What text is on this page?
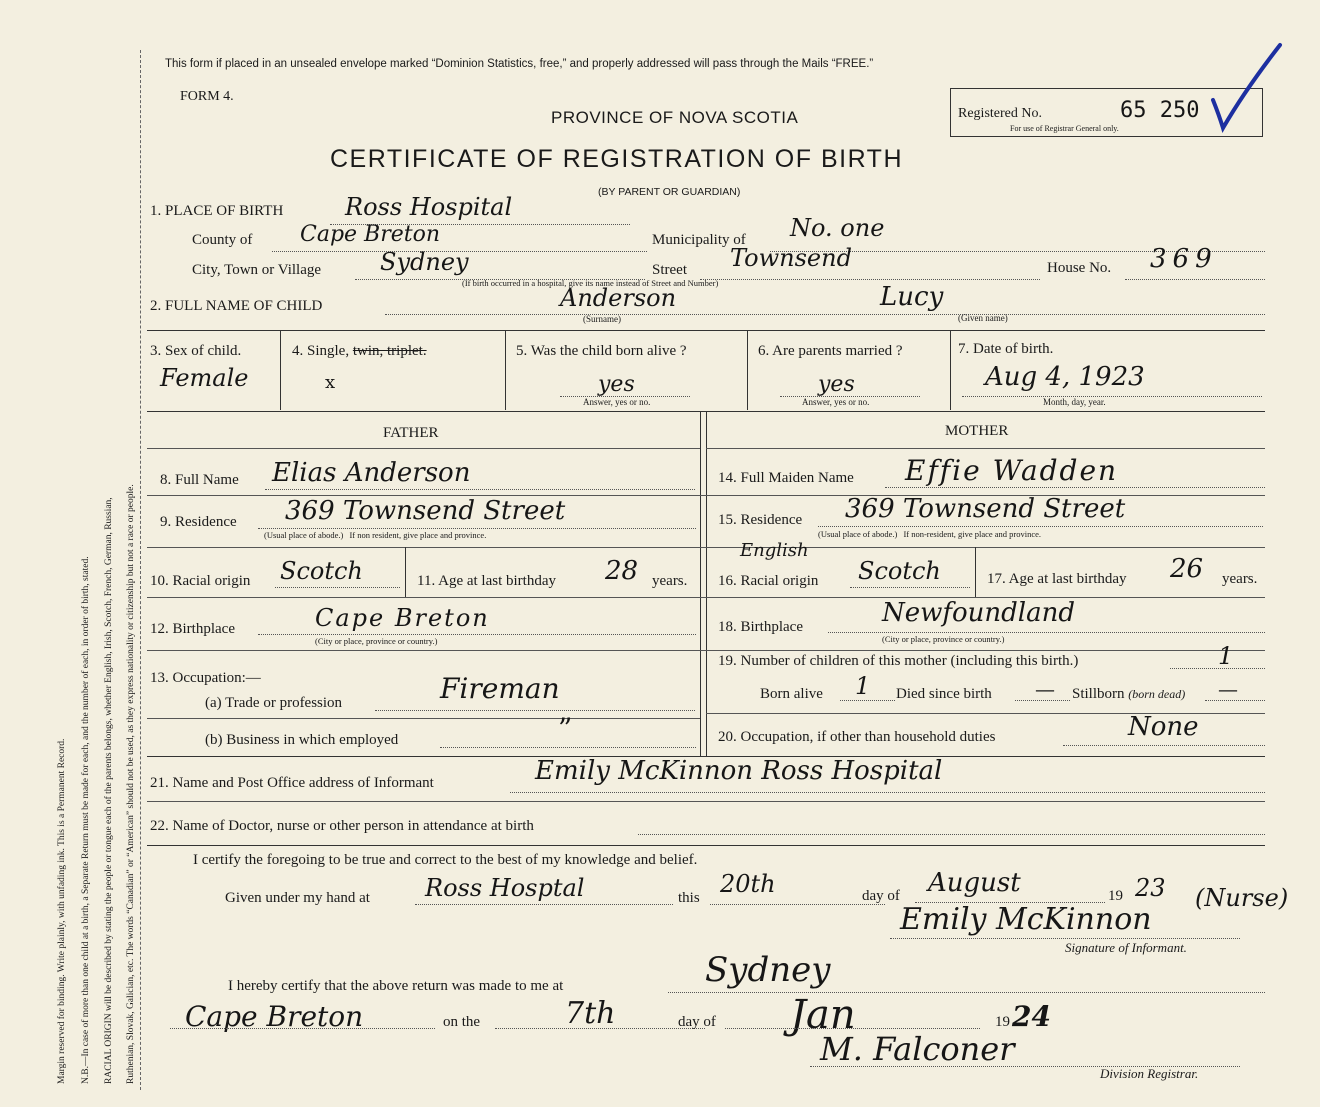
Margin reserved for binding. Write plainly, with unfading ink. This is a Permanent Record. N.B.—In case of more than one child at a birth, a Separate Return must be made for each, and the number of each, in order of birth, stated. RACIAL ORIGIN will be described by stating the people or tongue each of the parents belongs, whether English, Irish, Scotch, French, German, Russian, Ruthenian, Slovak, Galician, etc. The words “Canadian” or “American” should not be used, as they express nationality or citizenship but not a race or people.
This form if placed in an unsealed envelope marked “Dominion Statistics, free,” and properly addressed will pass through the Mails “FREE.”
FORM 4.
PROVINCE OF NOVA SCOTIA
CERTIFICATE OF REGISTRATION OF BIRTH
(BY PARENT OR GUARDIAN)
Registered No.	65 250
For use of Registrar General only.
1. PLACE OF BIRTH	Ross Hospital
County of Cape Breton	Municipality of No. one
City, Town or Village Sydney
(If birth occurred in a hospital, give its name instead of Street and Number)
Street Townsend	House No. 369
2. FULL NAME OF CHILD	Anderson	Lucy
(Surname)	(Given name)
3. Sex of child.
Female
4. Single, twin, triplet.
x
5. Was the child born alive ?
yes
Answer, yes or no.
6. Are parents married ?
yes
Answer, yes or no.
7. Date of birth.
Aug 4, 1923
Month, day, year.
FATHER	MOTHER
8. Full Name Elias Anderson	14. Full Maiden Name Effie Wadden
9. Residence 369 Townsend Street
(Usual place of abode.) If non resident, give place and province.
15. Residence 369 Townsend Street
(Usual place of abode.) If non-resident, give place and province.
10. Racial origin Scotch	11. Age at last birthday 28 years.
English
16. Racial origin Scotch	17. Age at last birthday 26 years.
12. Birthplace	Cape Breton
(City or place, province or country.)
18. Birthplace	Newfoundland
(City or place, province or country.)
13. Occupation:—
(a) Trade or profession	Fireman
(b) Business in which employed	”
19. Number of children of this mother (including this birth.)	1
Born alive 1 Died since birth — Stillborn (born dead) —
20. Occupation, if other than household duties	None
21. Name and Post Office address of Informant	Emily McKinnon Ross Hospital
22. Name of Doctor, nurse or other person in attendance at birth
I certify the foregoing to be true and correct to the best of my knowledge and belief.
Given under my hand at Ross Hosptal	this 20th	day of August	19 23
Emily McKinnon
(Nurse)
Signature of Informant.
I hereby certify that the above return was made to me at	Sydney
Cape Breton	on the	7th	day of Jan	19 24
M. Falconer
Division Registrar.
